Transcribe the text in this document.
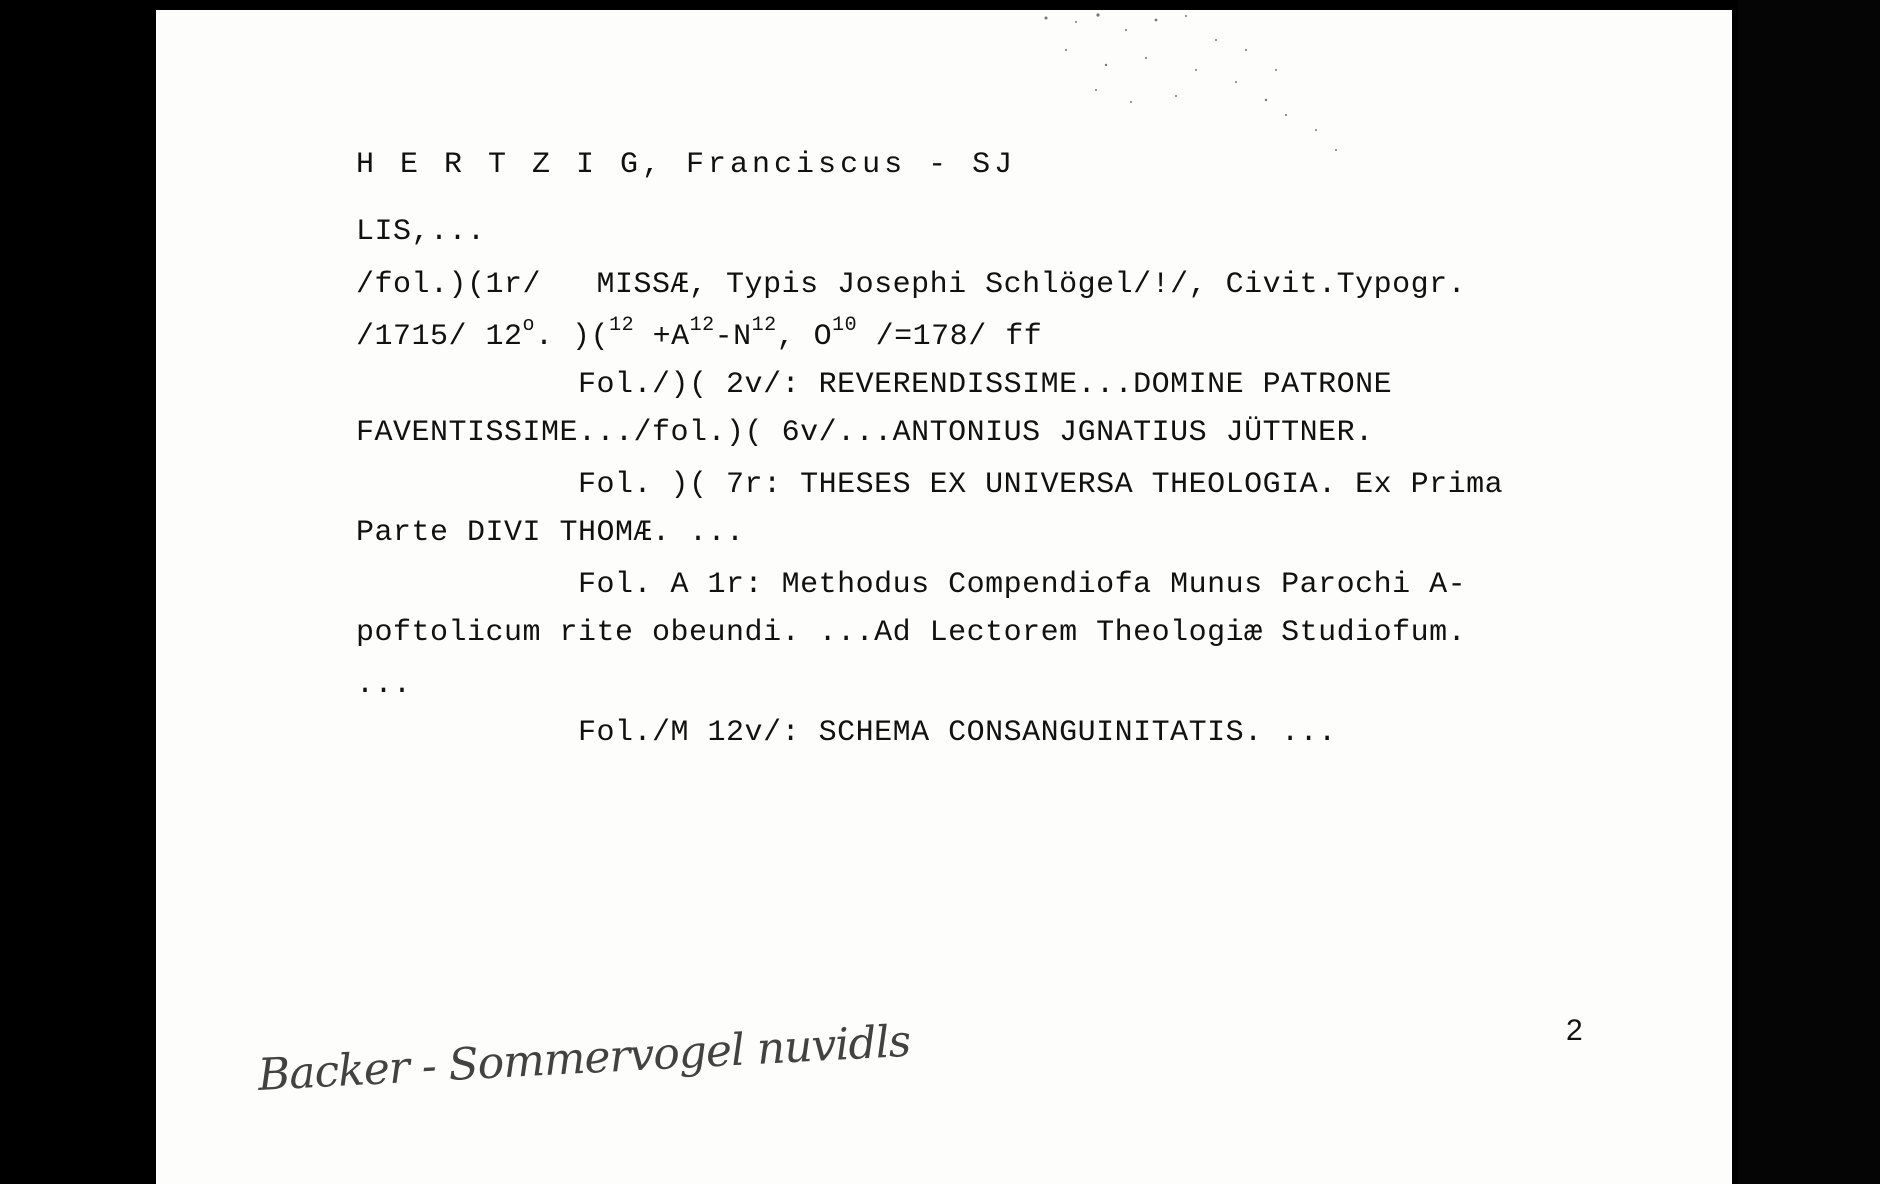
H E R T Z I G, Franciscus - SJ
LIS,...
/fol.)(1r/   MISSÆ, Typis Josephi Schlögel/!/, Civit.Typogr.
/1715/ 12$^o$. )($^{12} +A^{12}-N^{12}$, $O^{10}$ /=178/ ff
Fol./)( 2v/: REVERENDISSIME...DOMINE PATRONE
FAVENTISSIME.../fol.)( 6v/...ANTONIUS JGNATIUS JÜTTNER.
Fol. )( 7r: THESES EX UNIVERSA THEOLOGIA. Ex Prima
Parte DIVI THOMÆ. ...
Fol. A 1r: Methodus Compendiofa Munus Parochi A-
poftolicum rite obeundi. ...Ad Lectorem Theologiæ Studiofum.
...
Fol./M 12v/: SCHEMA CONSANGUINITATIS. ...
2
Backer - Sommervogel nuvidls
